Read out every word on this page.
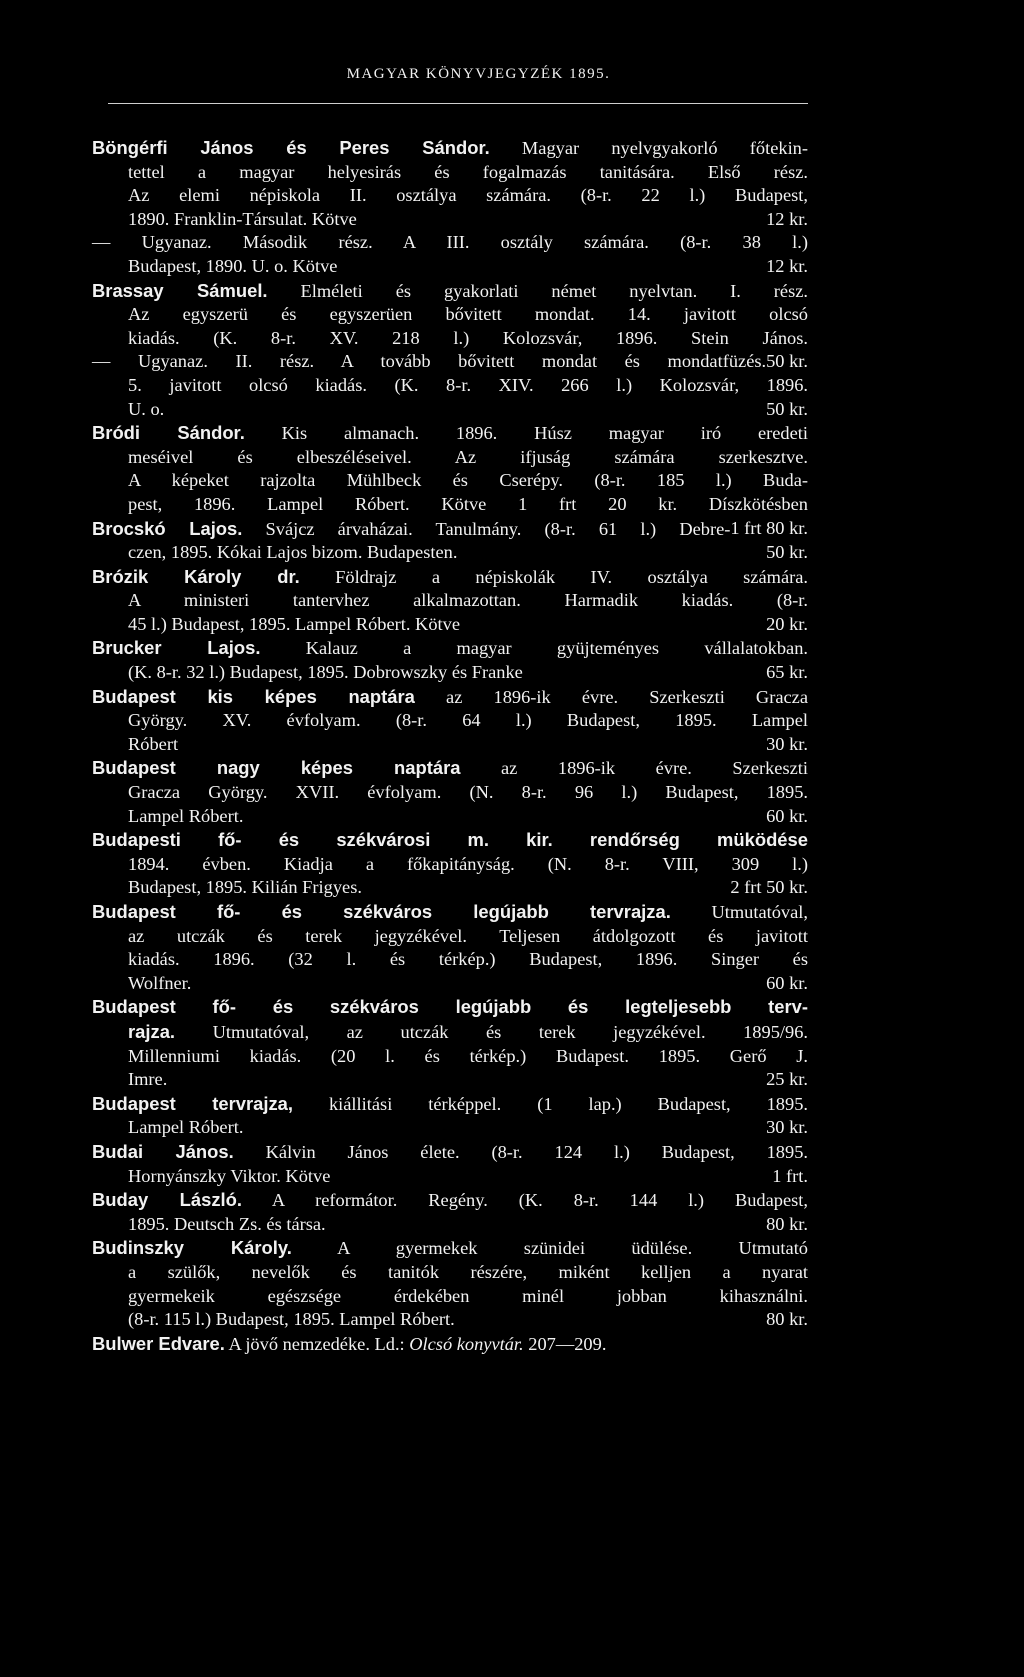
MAGYAR KÖNYVJEGYZÉK 1895.
Böngérfi János és Peres Sándor. Magyar nyelvgyakorló főtekin-
tettel a magyar helyesirás és fogalmazás tanitására. Első rész.
Az elemi népiskola II. osztálya számára. (8-r. 22 l.) Budapest,
12 kr.
1890. Franklin-Társulat. Kötve
— Ugyanaz. Második rész. A III. osztály számára. (8-r. 38 l.)
12 kr.
Budapest, 1890. U. o. Kötve
Brassay Sámuel. Elméleti és gyakorlati német nyelvtan. I. rész.
Az egyszerü és egyszerüen bővitett mondat. 14. javitott olcsó
kiadás. (K. 8-r. XV. 218 l.) Kolozsvár, 1896. Stein János.
50 kr.
— Ugyanaz. II. rész. A tovább bővitett mondat és mondatfüzés.
5. javitott olcsó kiadás. (K. 8-r. XIV. 266 l.) Kolozsvár, 1896.
50 kr.
U. o.
Bródi Sándor. Kis almanach. 1896. Húsz magyar iró eredeti
meséivel és elbeszéléseivel. Az ifjuság számára szerkesztve.
A képeket rajzolta Mühlbeck és Cserépy. (8-r. 185 l.) Buda-
pest, 1896. Lampel Róbert. Kötve 1 frt 20 kr. Díszkötésben
1 frt 80 kr.
Brocskó Lajos. Svájcz árvaházai. Tanulmány. (8-r. 61 l.) Debre-
50 kr.
czen, 1895. Kókai Lajos bizom. Budapesten.
Brózik Károly dr. Földrajz a népiskolák IV. osztálya számára.
A ministeri tantervhez alkalmazottan. Harmadik kiadás. (8-r.
20 kr.
45 l.) Budapest, 1895. Lampel Róbert. Kötve
Brucker Lajos. Kalauz a magyar gyüjteményes vállalatokban.
65 kr.
(K. 8-r. 32 l.) Budapest, 1895. Dobrowszky és Franke
Budapest kis képes naptára az 1896-ik évre. Szerkeszti Gracza
György. XV. évfolyam. (8-r. 64 l.) Budapest, 1895. Lampel
30 kr.
Róbert
Budapest nagy képes naptára az 1896-ik évre. Szerkeszti
Gracza György. XVII. évfolyam. (N. 8-r. 96 l.) Budapest, 1895.
60 kr.
Lampel Róbert.
Budapesti fő- és székvárosi m. kir. rendőrség müködése
1894. évben. Kiadja a főkapitányság. (N. 8-r. VIII, 309 l.)
2 frt 50 kr.
Budapest, 1895. Kilián Frigyes.
Budapest fő- és székváros legújabb tervrajza. Utmutatóval,
az utczák és terek jegyzékével. Teljesen átdolgozott és javitott
kiadás. 1896. (32 l. és térkép.) Budapest, 1896. Singer és
60 kr.
Wolfner.
Budapest fő- és székváros legújabb és legteljesebb terv-
rajza. Utmutatóval, az utczák és terek jegyzékével. 1895/96.
Millenniumi kiadás. (20 l. és térkép.) Budapest. 1895. Gerő J.
25 kr.
Imre.
Budapest tervrajza, kiállitási térképpel. (1 lap.) Budapest, 1895.
30 kr.
Lampel Róbert.
Budai János. Kálvin János élete. (8-r. 124 l.) Budapest, 1895.
1 frt.
Hornyánszky Viktor. Kötve
Buday László. A reformátor. Regény. (K. 8-r. 144 l.) Budapest,
80 kr.
1895. Deutsch Zs. és társa.
Budinszky Károly. A gyermekek szünidei üdülése. Utmutató
a szülők, nevelők és tanitók részére, miként kelljen a nyarat
gyermekeik egészsége érdekében minél jobban kihasználni.
80 kr.
(8-r. 115 l.) Budapest, 1895. Lampel Róbert.
Bulwer Edvare. A jövő nemzedéke. Ld.: Olcsó konyvtár. 207—209.
